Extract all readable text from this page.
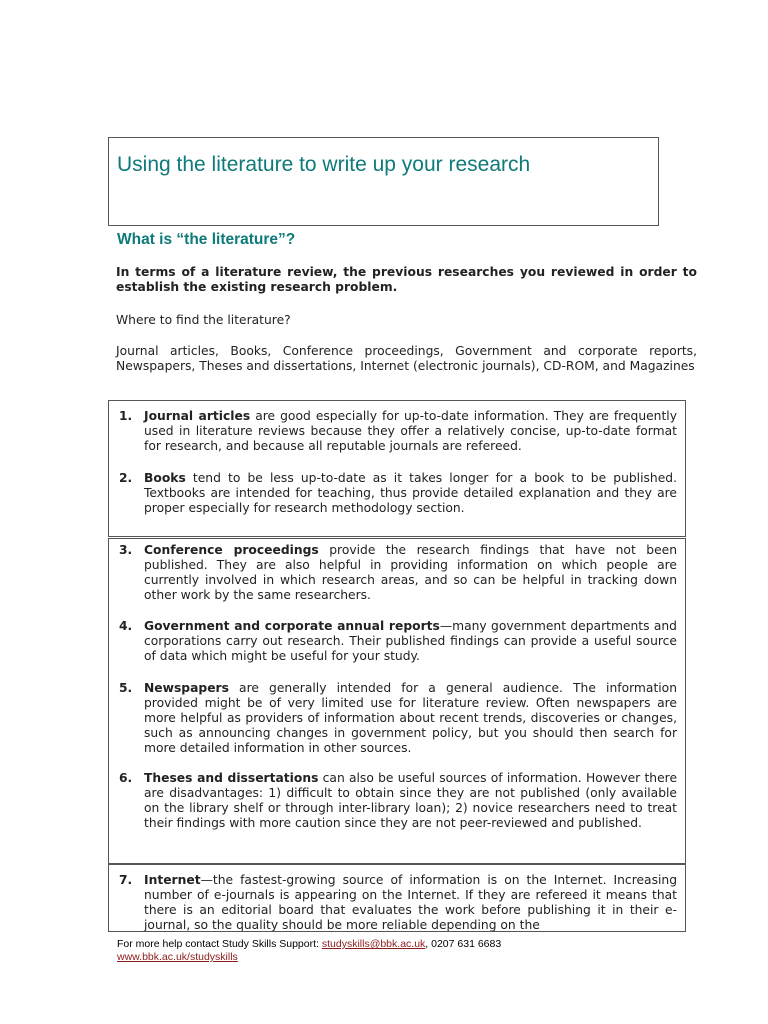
Using the literature to write up your research
What is “the literature”?

In terms of a literature review, the previous researches you reviewed in order to establish the existing research problem.

Where to find the literature?

Journal articles, Books, Conference proceedings, Government and corporate reports, Newspapers, Theses and dissertations, Internet (electronic journals), CD-ROM, and Magazines

1. Journal articles are good especially for up-to-date information. They are frequently used in literature reviews because they offer a relatively concise, up-to-date format for research, and because all reputable journals are refereed.
2. Books tend to be less up-to-date as it takes longer for a book to be published. Textbooks are intended for teaching, thus provide detailed explanation and they are proper especially for research methodology section.
3. Conference proceedings provide the research findings that have not been published. They are also helpful in providing information on which people are currently involved in which research areas, and so can be helpful in tracking down other work by the same researchers.
4. Government and corporate annual reports—many government departments and corporations carry out research. Their published findings can provide a useful source of data which might be useful for your study.
5. Newspapers are generally intended for a general audience. The information provided might be of very limited use for literature review. Often newspapers are more helpful as providers of information about recent trends, discoveries or changes, such as announcing changes in government policy, but you should then search for more detailed information in other sources.
6. Theses and dissertations can also be useful sources of information. However there are disadvantages: 1) difficult to obtain since they are not published (only available on the library shelf or through inter-library loan); 2) novice researchers need to treat their findings with more caution since they are not peer-reviewed and published.
7. Internet—the fastest-growing source of information is on the Internet. Increasing number of e-journals is appearing on the Internet. If they are refereed it means that there is an editorial board that evaluates the work before publishing it in their e-journal, so the quality should be more reliable depending on the
For more help contact Study Skills Support: studyskills@bbk.ac.uk, 0207 631 6683
www.bbk.ac.uk/studyskills
